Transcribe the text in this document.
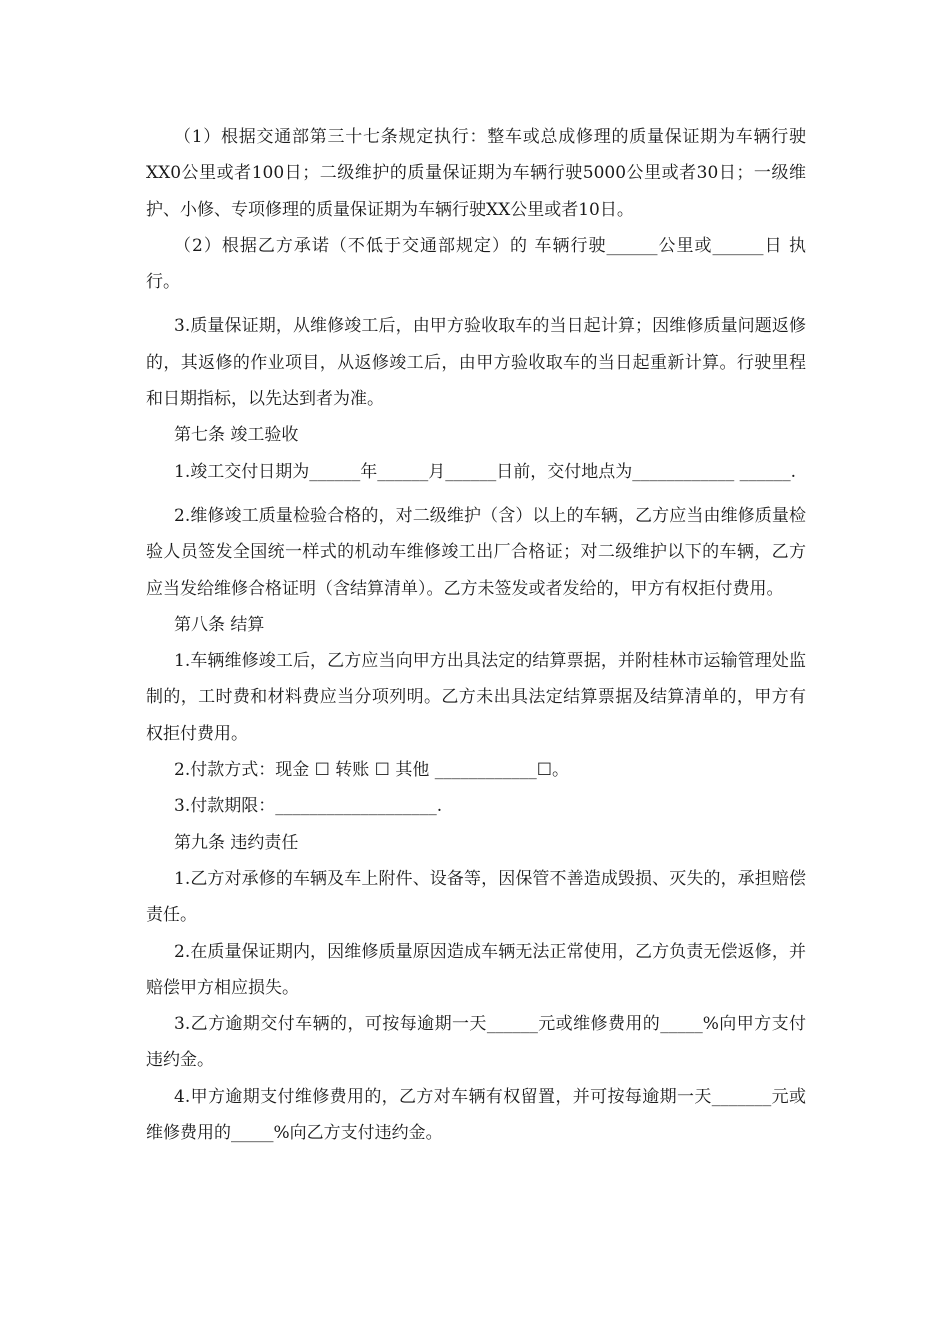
（1）根据交通部第三十七条规定执行：整车或总成修理的质量保证期为车辆行驶XX0公里或者100日；二级维护的质量保证期为车辆行驶5000公里或者30日；一级维护、小修、专项修理的质量保证期为车辆行驶XX公里或者10日。

（2）根据乙方承诺（不低于交通部规定）的 车辆行驶______公里或______日 执行。

3.质量保证期，从维修竣工后，由甲方验收取车的当日起计算；因维修质量问题返修的，其返修的作业项目，从返修竣工后，由甲方验收取车的当日起重新计算。行驶里程和日期指标，以先达到者为准。

第七条 竣工验收

1.竣工交付日期为______年______月______日前，交付地点为____________ ______.

2.维修竣工质量检验合格的，对二级维护（含）以上的车辆，乙方应当由维修质量检验人员签发全国统一样式的机动车维修竣工出厂合格证；对二级维护以下的车辆，乙方应当发给维修合格证明（含结算清单）。乙方未签发或者发给的，甲方有权拒付费用。

第八条 结算

1.车辆维修竣工后，乙方应当向甲方出具法定的结算票据，并附桂林市运输管理处监制的，工时费和材料费应当分项列明。乙方未出具法定结算票据及结算清单的，甲方有权拒付费用。

2.付款方式：现金 ☐ 转账 ☐ 其他 ____________☐。

3.付款期限：___________________.

第九条 违约责任

1.乙方对承修的车辆及车上附件、设备等，因保管不善造成毁损、灭失的，承担赔偿责任。

2.在质量保证期内，因维修质量原因造成车辆无法正常使用，乙方负责无偿返修，并赔偿甲方相应损失。

3.乙方逾期交付车辆的，可按每逾期一天______元或维修费用的_____%向甲方支付违约金。

4.甲方逾期支付维修费用的，乙方对车辆有权留置，并可按每逾期一天_______元或维修费用的_____%向乙方支付违约金。
